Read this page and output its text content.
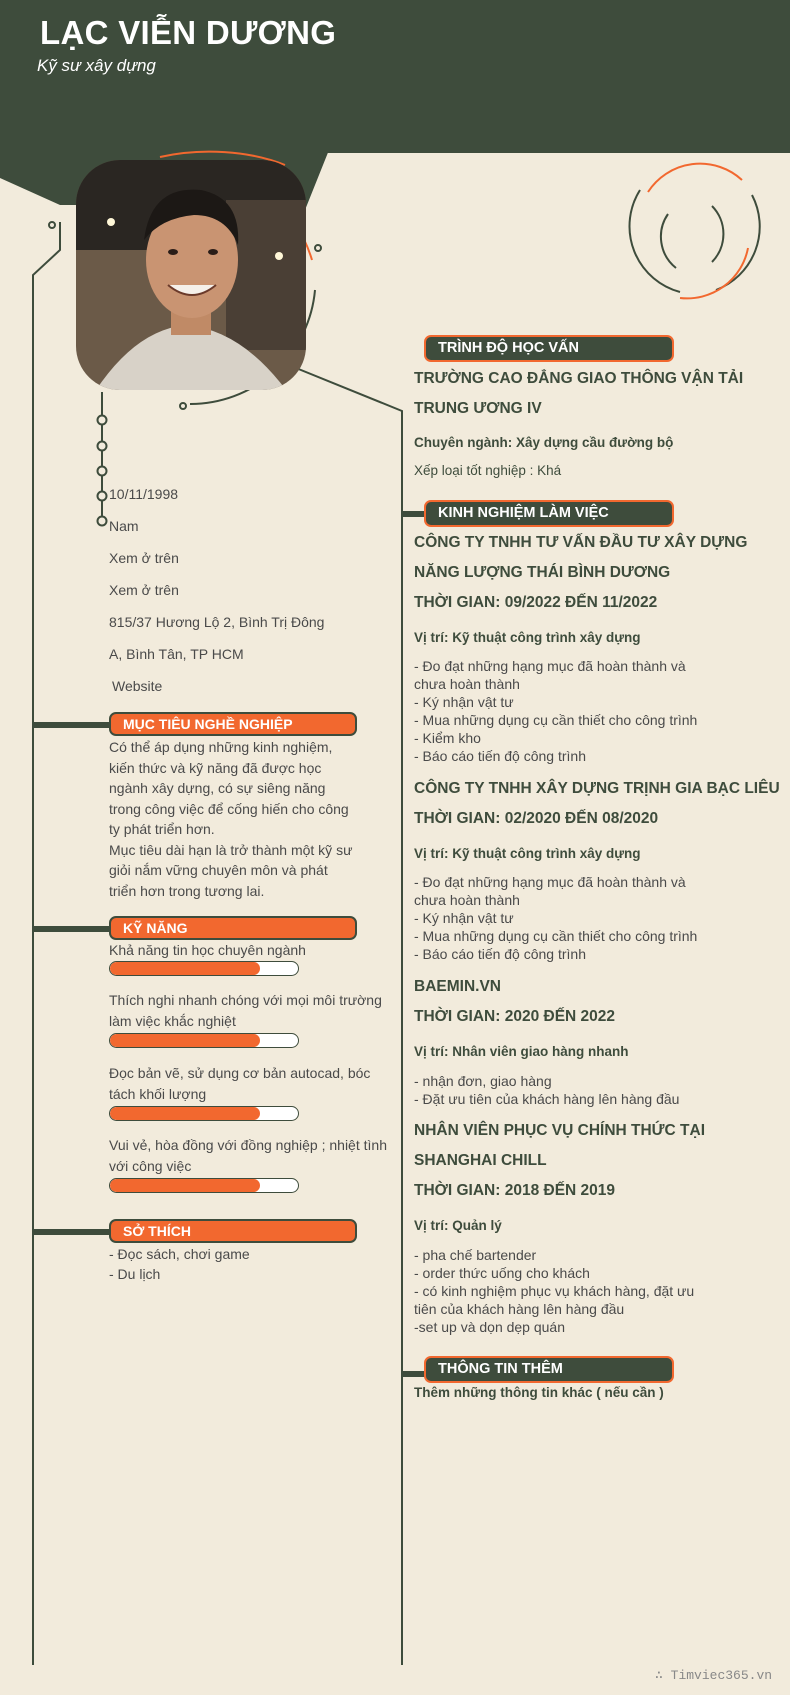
LẠC VIỄN DƯƠNG
Kỹ sư xây dựng
10/11/1998
Nam
Xem ở trên
Xem ở trên
815/37 Hương Lộ 2, Bình Trị Đông
A, Bình Tân, TP HCM
Website
MỤC TIÊU NGHỀ NGHIỆP
Có thể áp dụng những kinh nghiệm,
kiến thức và kỹ năng đã được học
ngành xây dựng, có sự siêng năng
trong công việc để cống hiến cho công
ty phát triển hơn.
Mục tiêu dài hạn là trở thành một kỹ sư
giỏi nắm vững chuyên môn và phát
triển hơn trong tương lai.
KỸ NĂNG
Khả năng tin học chuyên ngành
Thích nghi nhanh chóng với mọi môi trường làm việc khắc nghiệt
Đọc bản vẽ, sử dụng cơ bản autocad, bóc tách khối lượng
Vui vẻ, hòa đồng với đồng nghiệp ; nhiệt tình với công việc
SỞ THÍCH
- Đọc sách, chơi game
- Du lịch
TRÌNH ĐỘ HỌC VẤN
TRƯỜNG CAO ĐẲNG GIAO THÔNG VẬN TẢI
TRUNG ƯƠNG IV
Chuyên ngành: Xây dựng cầu đường bộ
Xếp loại tốt nghiệp : Khá
KINH NGHIỆM LÀM VIỆC
CÔNG TY TNHH TƯ VẤN ĐẦU TƯ XÂY DỰNG
NĂNG LƯỢNG THÁI BÌNH DƯƠNG
THỜI GIAN: 09/2022 ĐẾN 11/2022
Vị trí: Kỹ thuật công trình xây dựng
- Đo đạt những hạng mục đã hoàn thành và
chưa hoàn thành
- Ký nhận vật tư
- Mua những dụng cụ cần thiết cho công trình
- Kiểm kho
- Báo cáo tiến độ công trình
CÔNG TY TNHH XÂY DỰNG TRỊNH GIA BẠC LIÊU
THỜI GIAN: 02/2020 ĐẾN 08/2020
Vị trí: Kỹ thuật công trình xây dựng
- Đo đạt những hạng mục đã hoàn thành và
chưa hoàn thành
- Ký nhận vật tư
- Mua những dụng cụ cần thiết cho công trình
- Báo cáo tiến độ công trình
BAEMIN.VN
THỜI GIAN: 2020 ĐẾN 2022
Vị trí: Nhân viên giao hàng nhanh
- nhận đơn, giao hàng
- Đặt ưu tiên của khách hàng lên hàng đầu
NHÂN VIÊN PHỤC VỤ CHÍNH THỨC TẠI
SHANGHAI CHILL
THỜI GIAN: 2018 ĐẾN 2019
Vị trí: Quản lý
- pha chế bartender
- order thức uống cho khách
- có kinh nghiệm phục vụ khách hàng, đặt ưu
tiên của khách hàng lên hàng đầu
-set up và dọn dẹp quán
THÔNG TIN THÊM
Thêm những thông tin khác ( nếu cần )
∴ Timviec365.vn
